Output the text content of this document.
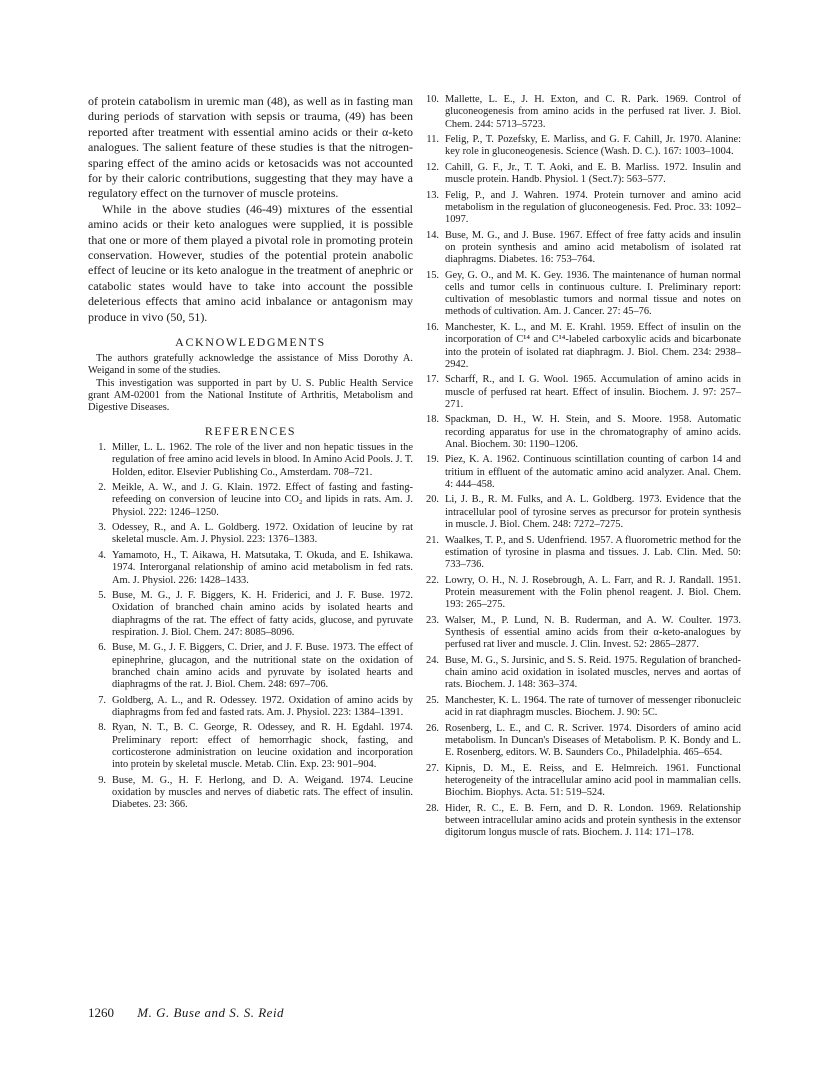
of protein catabolism in uremic man (48), as well as in fasting man during periods of starvation with sepsis or trauma, (49) has been reported after treatment with essential amino acids or their α-keto analogues. The salient feature of these studies is that the nitrogen-sparing effect of the amino acids or ketosacids was not accounted for by their caloric contributions, suggesting that they may have a regulatory effect on the turnover of muscle proteins.

While in the above studies (46-49) mixtures of the essential amino acids or their keto analogues were supplied, it is possible that one or more of them played a pivotal role in promoting protein conservation. However, studies of the potential protein anabolic effect of leucine or its keto analogue in the treatment of anephric or catabolic states would have to take into account the possible deleterious effects that amino acid inbalance or antagonism may produce in vivo (50, 51).

ACKNOWLEDGMENTS

The authors gratefully acknowledge the assistance of Miss Dorothy A. Weigand in some of the studies.

This investigation was supported in part by U. S. Public Health Service grant AM-02001 from the National Institute of Arthritis, Metabolism and Digestive Diseases.

REFERENCES
1. Miller, L. L. 1962. The role of the liver and non hepatic tissues in the regulation of free amino acid levels in blood. In Amino Acid Pools. J. T. Holden, editor. Elsevier Publishing Co., Amsterdam. 708–721.
2. Meikle, A. W., and J. G. Klain. 1972. Effect of fasting and fasting-refeeding on conversion of leucine into CO₂ and lipids in rats. Am. J. Physiol. 222: 1246–1250.
3. Odessey, R., and A. L. Goldberg. 1972. Oxidation of leucine by rat skeletal muscle. Am. J. Physiol. 223: 1376–1383.
4. Yamamoto, H., T. Aikawa, H. Matsutaka, T. Okuda, and E. Ishikawa. 1974. Interorganal relationship of amino acid metabolism in fed rats. Am. J. Physiol. 226: 1428–1433.
5. Buse, M. G., J. F. Biggers, K. H. Friderici, and J. F. Buse. 1972. Oxidation of branched chain amino acids by isolated hearts and diaphragms of the rat. The effect of fatty acids, glucose, and pyruvate respiration. J. Biol. Chem. 247: 8085–8096.
6. Buse, M. G., J. F. Biggers, C. Drier, and J. F. Buse. 1973. The effect of epinephrine, glucagon, and the nutritional state on the oxidation of branched chain amino acids and pyruvate by isolated hearts and diaphragms of the rat. J. Biol. Chem. 248: 697–706.
7. Goldberg, A. L., and R. Odessey. 1972. Oxidation of amino acids by diaphragms from fed and fasted rats. Am. J. Physiol. 223: 1384–1391.
8. Ryan, N. T., B. C. George, R. Odessey, and R. H. Egdahl. 1974. Preliminary report: effect of hemorrhagic shock, fasting, and corticosterone administration on leucine oxidation and incorporation into protein by skeletal muscle. Metab. Clin. Exp. 23: 901–904.
9. Buse, M. G., H. F. Herlong, and D. A. Weigand. 1974. Leucine oxidation by muscles and nerves of diabetic rats. The effect of insulin. Diabetes. 23: 366.
10. Mallette, L. E., J. H. Exton, and C. R. Park. 1969. Control of gluconeogenesis from amino acids in the perfused rat liver. J. Biol. Chem. 244: 5713–5723.
11. Felig, P., T. Pozefsky, E. Marliss, and G. F. Cahill, Jr. 1970. Alanine: key role in gluconeogenesis. Science (Wash. D. C.). 167: 1003–1004.
12. Cahill, G. F., Jr., T. T. Aoki, and E. B. Marliss. 1972. Insulin and muscle protein. Handb. Physiol. 1 (Sect.7): 563–577.
13. Felig, P., and J. Wahren. 1974. Protein turnover and amino acid metabolism in the regulation of gluconeogenesis. Fed. Proc. 33: 1092–1097.
14. Buse, M. G., and J. Buse. 1967. Effect of free fatty acids and insulin on protein synthesis and amino acid metabolism of isolated rat diaphragms. Diabetes. 16: 753–764.
15. Gey, G. O., and M. K. Gey. 1936. The maintenance of human normal cells and tumor cells in continuous culture. I. Preliminary report: cultivation of mesoblastic tumors and normal tissue and notes on methods of cultivation. Am. J. Cancer. 27: 45–76.
16. Manchester, K. L., and M. E. Krahl. 1959. Effect of insulin on the incorporation of C¹⁴ and C¹⁴-labeled carboxylic acids and bicarbonate into the protein of isolated rat diaphragm. J. Biol. Chem. 234: 2938–2942.
17. Scharff, R., and I. G. Wool. 1965. Accumulation of amino acids in muscle of perfused rat heart. Effect of insulin. Biochem. J. 97: 257–271.
18. Spackman, D. H., W. H. Stein, and S. Moore. 1958. Automatic recording apparatus for use in the chromatography of amino acids. Anal. Biochem. 30: 1190–1206.
19. Piez, K. A. 1962. Continuous scintillation counting of carbon 14 and tritium in effluent of the automatic amino acid analyzer. Anal. Chem. 4: 444–458.
20. Li, J. B., R. M. Fulks, and A. L. Goldberg. 1973. Evidence that the intracellular pool of tyrosine serves as precursor for protein synthesis in muscle. J. Biol. Chem. 248: 7272–7275.
21. Waalkes, T. P., and S. Udenfriend. 1957. A fluorometric method for the estimation of tyrosine in plasma and tissues. J. Lab. Clin. Med. 50: 733–736.
22. Lowry, O. H., N. J. Rosebrough, A. L. Farr, and R. J. Randall. 1951. Protein measurement with the Folin phenol reagent. J. Biol. Chem. 193: 265–275.
23. Walser, M., P. Lund, N. B. Ruderman, and A. W. Coulter. 1973. Synthesis of essential amino acids from their α-keto-analogues by perfused rat liver and muscle. J. Clin. Invest. 52: 2865–2877.
24. Buse, M. G., S. Jursinic, and S. S. Reid. 1975. Regulation of branched-chain amino acid oxidation in isolated muscles, nerves and aortas of rats. Biochem. J. 148: 363–374.
25. Manchester, K. L. 1964. The rate of turnover of messenger ribonucleic acid in rat diaphragm muscles. Biochem. J. 90: 5C.
26. Rosenberg, L. E., and C. R. Scriver. 1974. Disorders of amino acid metabolism. In Duncan's Diseases of Metabolism. P. K. Bondy and L. E. Rosenberg, editors. W. B. Saunders Co., Philadelphia. 465–654.
27. Kipnis, D. M., E. Reiss, and E. Helmreich. 1961. Functional heterogeneity of the intracellular amino acid pool in mammalian cells. Biochim. Biophys. Acta. 51: 519–524.
28. Hider, R. C., E. B. Fern, and D. R. London. 1969. Relationship between intracellular amino acids and protein synthesis in the extensor digitorum longus muscle of rats. Biochem. J. 114: 171–178.
1260 M. G. Buse and S. S. Reid
